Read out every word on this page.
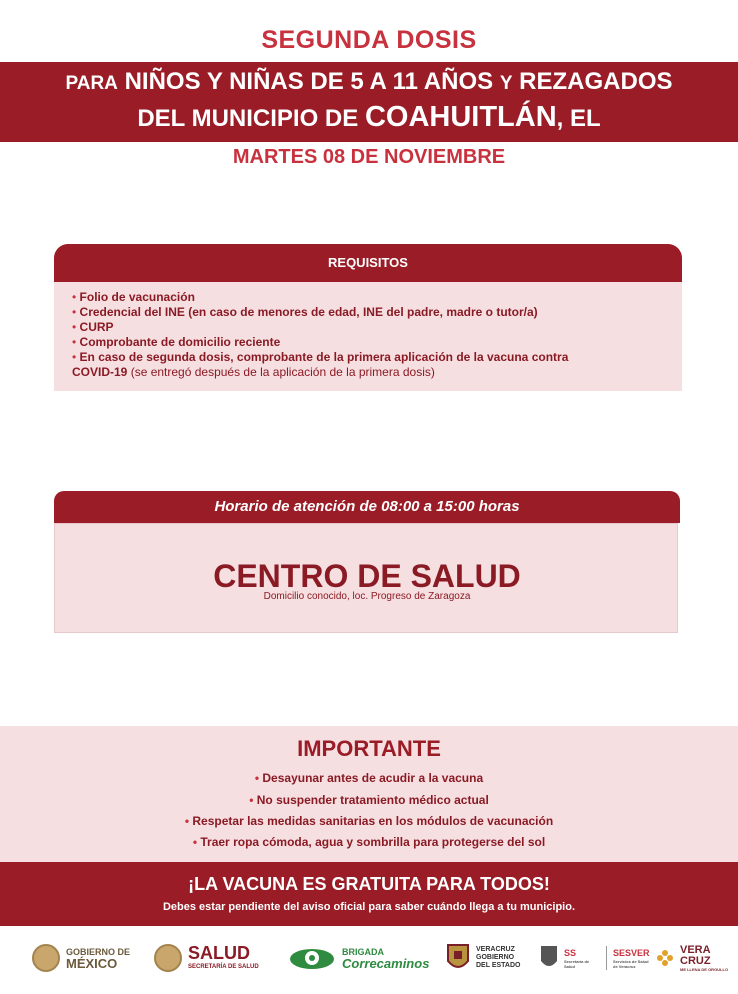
SEGUNDA DOSIS
PARA NIÑOS Y NIÑAS DE 5 A 11 AÑOS Y REZAGADOS
DEL MUNICIPIO DE COAHUITLÁN, EL
MARTES 08 DE NOVIEMBRE
REQUISITOS
• Folio de vacunación
• Credencial del INE (en caso de menores de edad, INE del padre, madre o tutor/a)
• CURP
• Comprobante de domicilio reciente
• En caso de segunda dosis, comprobante de la primera aplicación de la vacuna contra
COVID-19 (se entregó después de la aplicación de la primera dosis)
Horario de atención de 08:00 a 15:00 horas
CENTRO DE SALUD
Domicilio conocido, loc. Progreso de Zaragoza
IMPORTANTE
• Desayunar antes de acudir a la vacuna
• No suspender tratamiento médico actual
• Respetar las medidas sanitarias en los módulos de vacunación
• Traer ropa cómoda, agua y sombrilla para protegerse del sol
¡LA VACUNA ES GRATUITA PARA TODOS!
Debes estar pendiente del aviso oficial para saber cuándo llega a tu municipio.
GOBIERNO DE
MÉXICO
SALUD
SECRETARÍA DE SALUD
BRIGADA
Correcaminos
VERACRUZ
GOBIERNO
DEL ESTADO
SS
Secretaría de Salud
SESVER
Servicios de Salud de Veracruz
VERA
CRUZ
ME LLENA DE ORGULLO
